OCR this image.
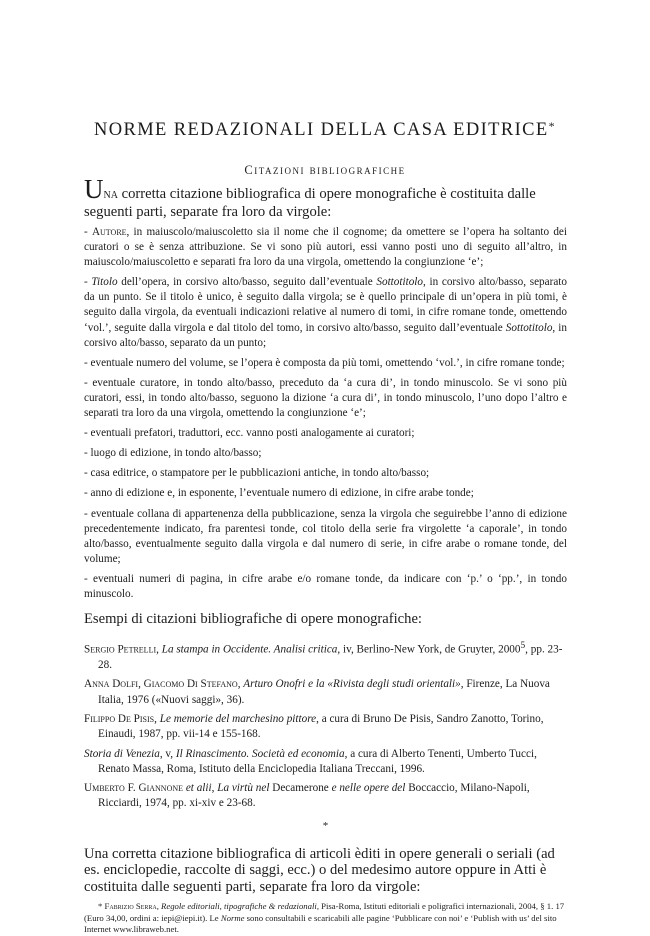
NORME REDAZIONALI DELLA CASA EDITRICE*
Citazioni bibliografiche

Una corretta citazione bibliografica di opere monografiche è costituita dalle seguenti parti, separate fra loro da virgole:

- Autore, in maiuscolo/maiuscoletto sia il nome che il cognome; da omettere se l’opera ha soltanto dei curatori o se è senza attribuzione. Se vi sono più autori, essi vanno posti uno di seguito all’altro, in maiuscolo/maiuscoletto e separati fra loro da una virgola, omettendo la congiunzione ‘e’;

- Titolo dell’opera, in corsivo alto/basso, seguito dall’eventuale Sottotitolo, in corsivo alto/basso, separato da un punto. Se il titolo è unico, è seguito dalla virgola; se è quello principale di un’opera in più tomi, è seguito dalla virgola, da eventuali indicazioni relative al numero di tomi, in cifre romane tonde, omettendo ‘vol.’, seguite dalla virgola e dal titolo del tomo, in corsivo alto/basso, seguito dall’eventuale Sottotitolo, in corsivo alto/basso, separato da un punto;

- eventuale numero del volume, se l’opera è composta da più tomi, omettendo ‘vol.’, in cifre romane tonde;

- eventuale curatore, in tondo alto/basso, preceduto da ‘a cura di’, in tondo minuscolo. Se vi sono più curatori, essi, in tondo alto/basso, seguono la dizione ‘a cura di’, in tondo minuscolo, l’uno dopo l’altro e separati tra loro da una virgola, omettendo la congiunzione ‘e’;

- eventuali prefatori, traduttori, ecc. vanno posti analogamente ai curatori;

- luogo di edizione, in tondo alto/basso;

- casa editrice, o stampatore per le pubblicazioni antiche, in tondo alto/basso;

- anno di edizione e, in esponente, l’eventuale numero di edizione, in cifre arabe tonde;

- eventuale collana di appartenenza della pubblicazione, senza la virgola che seguirebbe l’anno di edizione precedentemente indicato, fra parentesi tonde, col titolo della serie fra virgolette ‘a caporale’, in tondo alto/basso, eventualmente seguito dalla virgola e dal numero di serie, in cifre arabe o romane tonde, del volume;

- eventuali numeri di pagina, in cifre arabe e/o romane tonde, da indicare con ‘p.’ o ‘pp.’, in tondo minuscolo.

Esempi di citazioni bibliografiche di opere monografiche:

Sergio Petrelli, La stampa in Occidente. Analisi critica, iv, Berlino-New York, de Gruyter, 2000$^5$, pp. 23-28.

Anna Dolfi, Giacomo Di Stefano, Arturo Onofri e la «Rivista degli studi orientali», Firenze, La Nuova Italia, 1976 («Nuovi saggi», 36).

Filippo De Pisis, Le memorie del marchesino pittore, a cura di Bruno De Pisis, Sandro Zanotto, Torino, Einaudi, 1987, pp. vii-14 e 155-168.

Storia di Venezia, v, Il Rinascimento. Società ed economia, a cura di Alberto Tenenti, Umberto Tucci, Renato Massa, Roma, Istituto della Enciclopedia Italiana Treccani, 1996.

Umberto F. Giannone et alii, La virtù nel Decamerone e nelle opere del Boccaccio, Milano-Napoli, Ricciardi, 1974, pp. xi-xiv e 23-68.

*

Una corretta citazione bibliografica di articoli èditi in opere generali o seriali (ad es. enciclopedie, raccolte di saggi, ecc.) o del medesimo autore oppure in Atti è costituita dalle seguenti parti, separate fra loro da virgole:

* Fabrizio Serra, Regole editoriali, tipografiche & redazionali, Pisa-Roma, Istituti editoriali e poligrafici internazionali, 2004, § 1. 17 (Euro 34,00, ordini a: iepi@iepi.it). Le Norme sono consultabili e scaricabili alle pagine ‘Pubblicare con noi’ e ‘Publish with us’ del sito Internet www.libraweb.net.
